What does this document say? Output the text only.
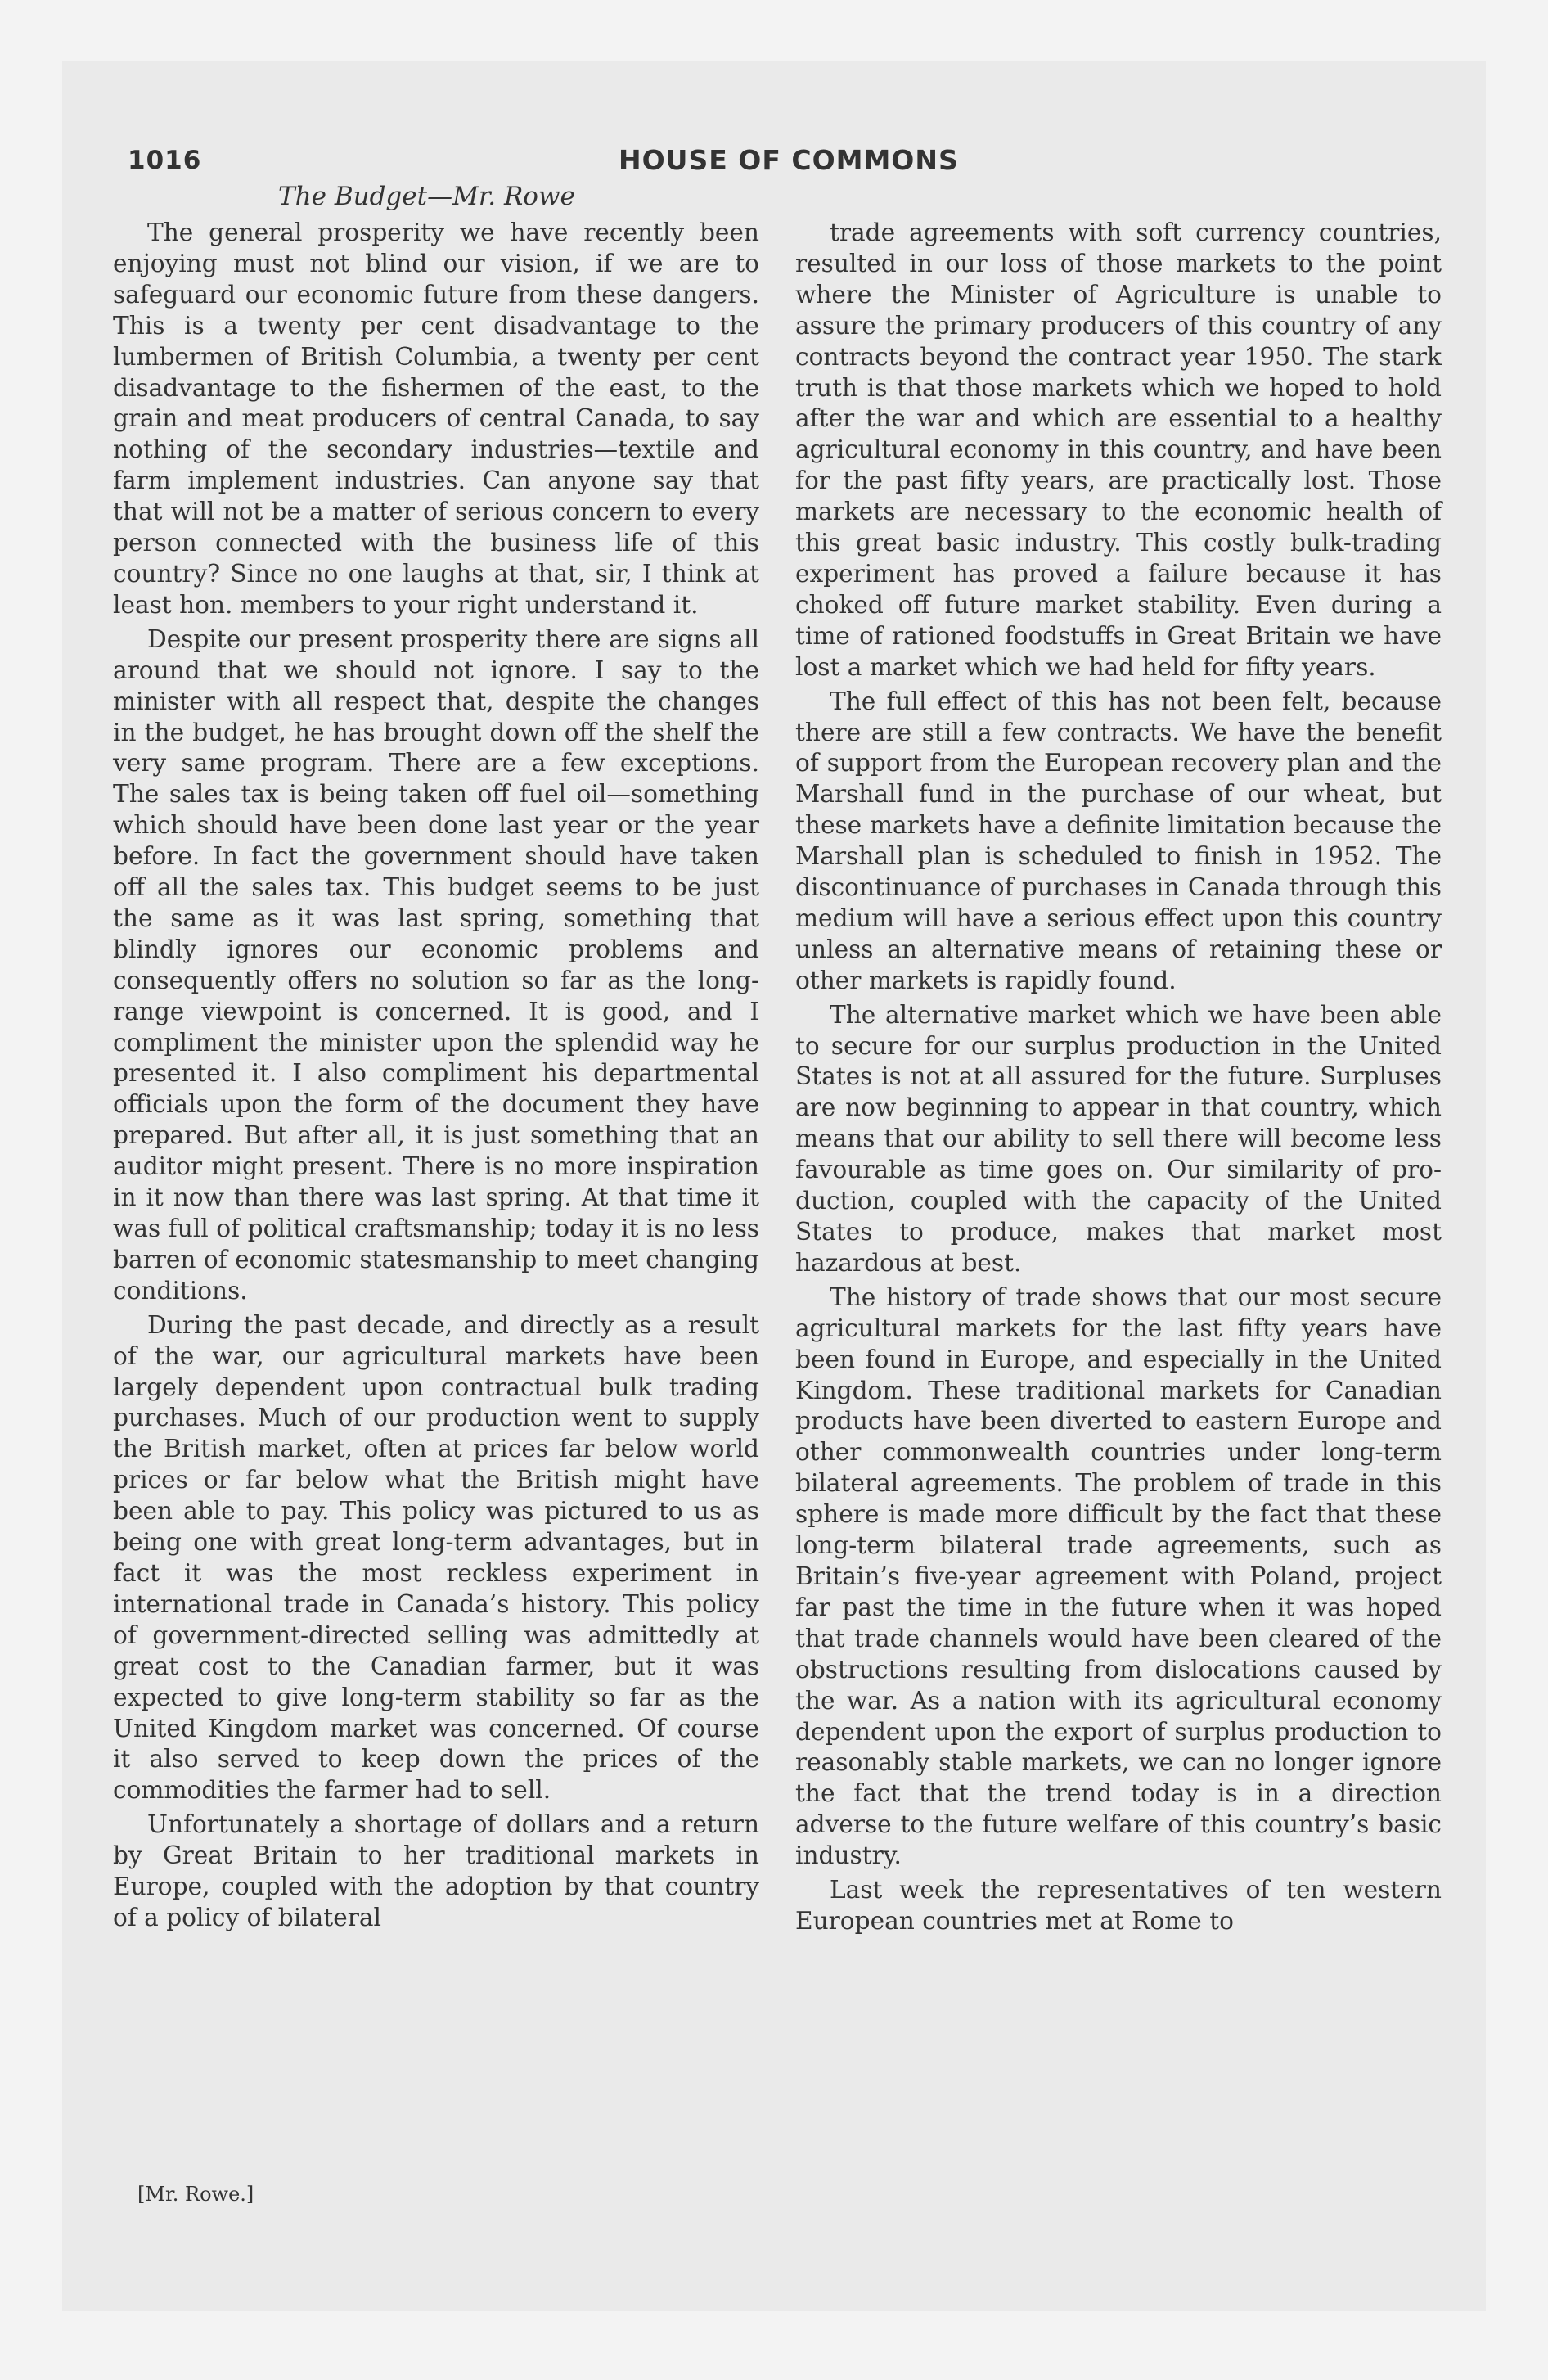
1016	HOUSE OF COMMONS
The Budget—Mr. Rowe

The general prosperity we have recently been enjoying must not blind our vision, if we are to safeguard our economic future from these dangers. This is a twenty per cent disadvantage to the lumbermen of British Columbia, a twenty per cent disadvantage to the fishermen of the east, to the grain and meat producers of central Canada, to say nothing of the secondary industries—textile and farm implement industries. Can anyone say that that will not be a matter of serious concern to every person connected with the business life of this country? Since no one laughs at that, sir, I think at least hon. members to your right understand it.

Despite our present prosperity there are signs all around that we should not ignore. I say to the minister with all respect that, despite the changes in the budget, he has brought down off the shelf the very same program. There are a few exceptions. The sales tax is being taken off fuel oil—something which should have been done last year or the year before. In fact the government should have taken off all the sales tax. This budget seems to be just the same as it was last spring, something that blindly ignores our economic problems and consequently offers no solution so far as the long-range viewpoint is concerned. It is good, and I compliment the minister upon the splendid way he presented it. I also compliment his departmental officials upon the form of the document they have prepared. But after all, it is just something that an auditor might present. There is no more inspiration in it now than there was last spring. At that time it was full of political craftsmanship; today it is no less barren of economic statesmanship to meet changing conditions.

During the past decade, and directly as a result of the war, our agricultural markets have been largely dependent upon contractual bulk trading purchases. Much of our production went to supply the British market, often at prices far below world prices or far below what the British might have been able to pay. This policy was pictured to us as being one with great long-term advantages, but in fact it was the most reckless experiment in international trade in Canada’s history. This policy of government-directed selling was admittedly at great cost to the Canadian farmer, but it was expected to give long-term stability so far as the United Kingdom market was concerned. Of course it also served to keep down the prices of the commodities the farmer had to sell.

Unfortunately a shortage of dollars and a return by Great Britain to her traditional markets in Europe, coupled with the adoption by that country of a policy of bilateral

trade agreements with soft currency countries, resulted in our loss of those markets to the point where the Minister of Agriculture is unable to assure the primary producers of this country of any contracts beyond the contract year 1950. The stark truth is that those markets which we hoped to hold after the war and which are essential to a healthy agricultural economy in this country, and have been for the past fifty years, are practically lost. Those markets are necessary to the economic health of this great basic industry. This costly bulk-trading experiment has proved a failure because it has choked off future market stability. Even during a time of rationed foodstuffs in Great Britain we have lost a market which we had held for fifty years.

The full effect of this has not been felt, because there are still a few contracts. We have the benefit of support from the European recovery plan and the Marshall fund in the purchase of our wheat, but these markets have a definite limitation because the Marshall plan is scheduled to finish in 1952. The discontinuance of purchases in Canada through this medium will have a serious effect upon this country unless an alternative means of retaining these or other markets is rapidly found.

The alternative market which we have been able to secure for our surplus production in the United States is not at all assured for the future. Surpluses are now beginning to appear in that country, which means that our ability to sell there will become less favourable as time goes on. Our similarity of production, coupled with the capacity of the United States to produce, makes that market most hazardous at best.

The history of trade shows that our most secure agricultural markets for the last fifty years have been found in Europe, and especially in the United Kingdom. These traditional markets for Canadian products have been diverted to eastern Europe and other commonwealth countries under long-term bilateral agreements. The problem of trade in this sphere is made more difficult by the fact that these long-term bilateral trade agreements, such as Britain’s five-year agreement with Poland, project far past the time in the future when it was hoped that trade channels would have been cleared of the obstructions resulting from dislocations caused by the war. As a nation with its agricultural economy dependent upon the export of surplus production to reasonably stable markets, we can no longer ignore the fact that the trend today is in a direction adverse to the future welfare of this country’s basic industry.

Last week the representatives of ten western European countries met at Rome to

[Mr. Rowe.]
